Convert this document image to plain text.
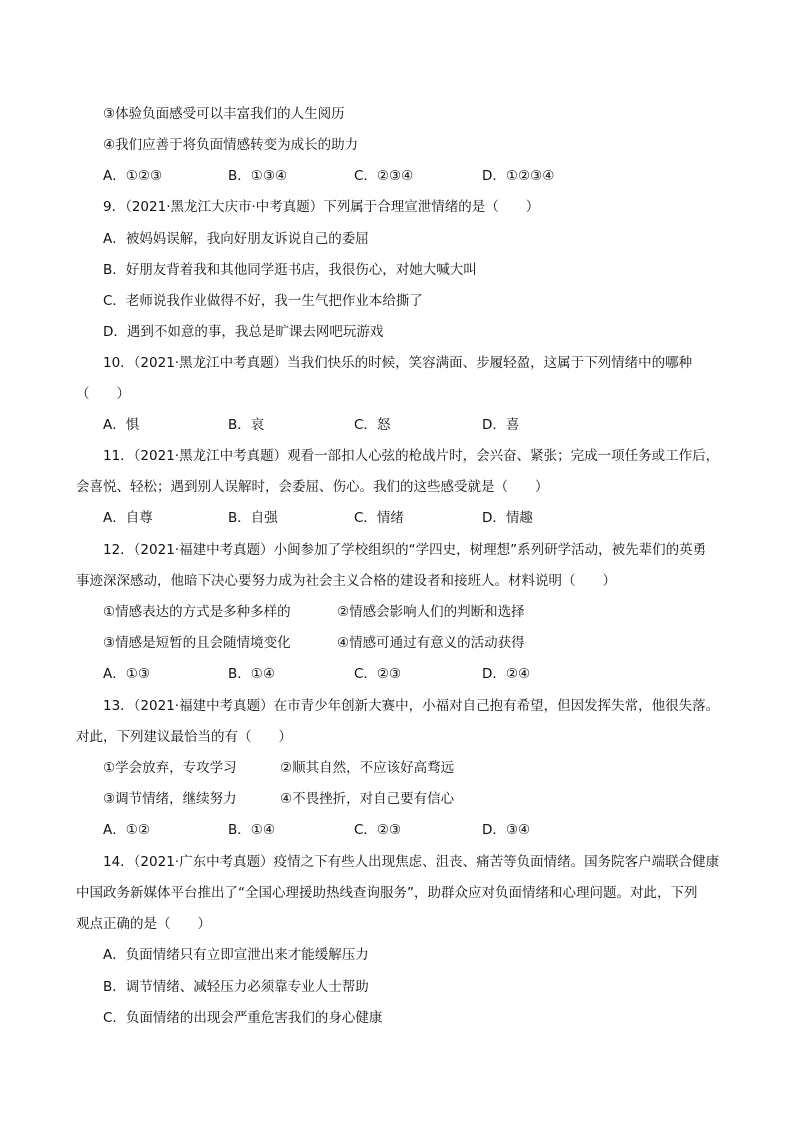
③体验负面感受可以丰富我们的人生阅历
④我们应善于将负面情感转变为成长的助力
A．①②③	B．①③④	C．②③④	D．①②③④
9．（2021·黑龙江大庆市·中考真题）下列属于合理宣泄情绪的是（　　）
A．被妈妈误解，我向好朋友诉说自己的委屈
B．好朋友背着我和其他同学逛书店，我很伤心，对她大喊大叫
C．老师说我作业做得不好，我一生气把作业本给撕了
D．遇到不如意的事，我总是旷课去网吧玩游戏
10．（2021·黑龙江中考真题）当我们快乐的时候，笑容满面、步履轻盈，这属于下列情绪中的哪种
（　　）
A．惧	B．哀	C．怒	D．喜
11．（2021·黑龙江中考真题）观看一部扣人心弦的枪战片时，会兴奋、紧张；完成一项任务或工作后，
会喜悦、轻松；遇到别人误解时，会委屈、伤心。我们的这些感受就是（　　）
A．自尊	B．自强	C．情绪	D．情趣
12．（2021·福建中考真题）小闽参加了学校组织的“学四史，树理想”系列研学活动，被先辈们的英勇
事迹深深感动，他暗下决心要努力成为社会主义合格的建设者和接班人。材料说明（　　）
①情感表达的方式是多种多样的	②情感会影响人们的判断和选择
③情感是短暂的且会随情境变化	④情感可通过有意义的活动获得
A．①③	B．①④	C．②③	D．②④
13．（2021·福建中考真题）在市青少年创新大赛中，小福对自己抱有希望，但因发挥失常，他很失落。
对此，下列建议最恰当的有（　　）
①学会放弃，专攻学习	②顺其自然，不应该好高骛远
③调节情绪，继续努力	④不畏挫折，对自己要有信心
A．①②	B．①④	C．②③	D．③④
14．（2021·广东中考真题）疫情之下有些人出现焦虑、沮丧、痛苦等负面情绪。国务院客户端联合健康
中国政务新媒体平台推出了“全国心理援助热线查询服务”，助群众应对负面情绪和心理问题。对此，下列
观点正确的是（　　）
A．负面情绪只有立即宣泄出来才能缓解压力
B．调节情绪、减轻压力必须靠专业人士帮助
C．负面情绪的出现会严重危害我们的身心健康
